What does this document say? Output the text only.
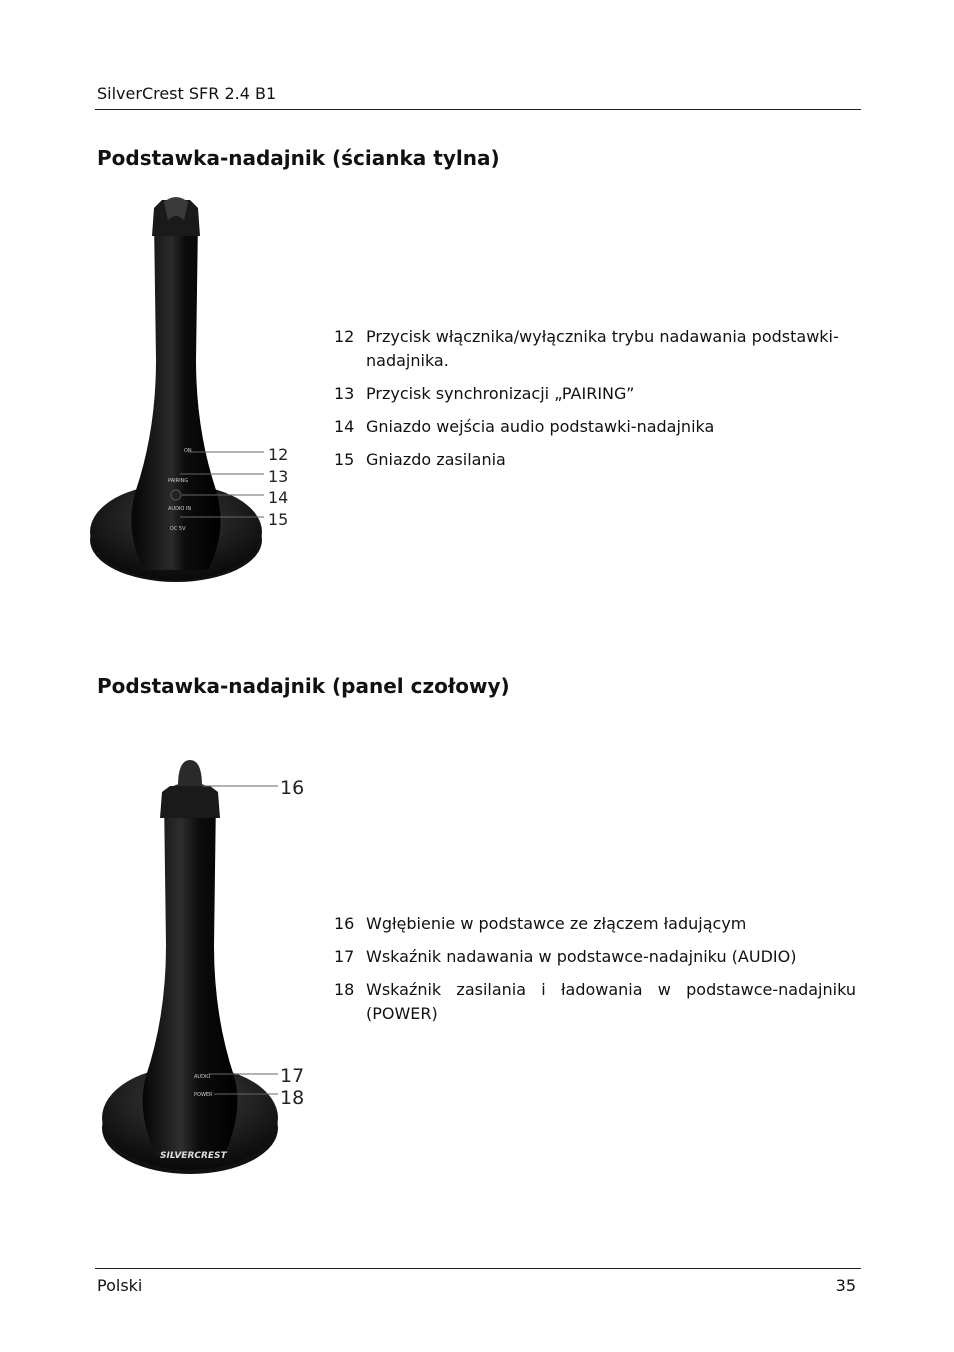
SilverCrest SFR 2.4 B1
Podstawka-nadajnik (ścianka tylna)
ON
PAIRING
AUDIO IN
DC 5V
12
13
14
15
12 Przycisk włącznika/wyłącznika trybu nadawania podstawki-nadajnika.
13 Przycisk synchronizacji „PAIRING”
14 Gniazdo wejścia audio podstawki-nadajnika
15 Gniazdo zasilania
Podstawka-nadajnik (panel czołowy)
AUDIO
POWER
SILVERCREST
16
17
18
16 Wgłębienie w podstawce ze złączem ładującym
17 Wskaźnik nadawania w podstawce-nadajniku (AUDIO)
18 Wskaźnik zasilania i ładowania w podstawce-nadajniku (POWER)
Polski	35
